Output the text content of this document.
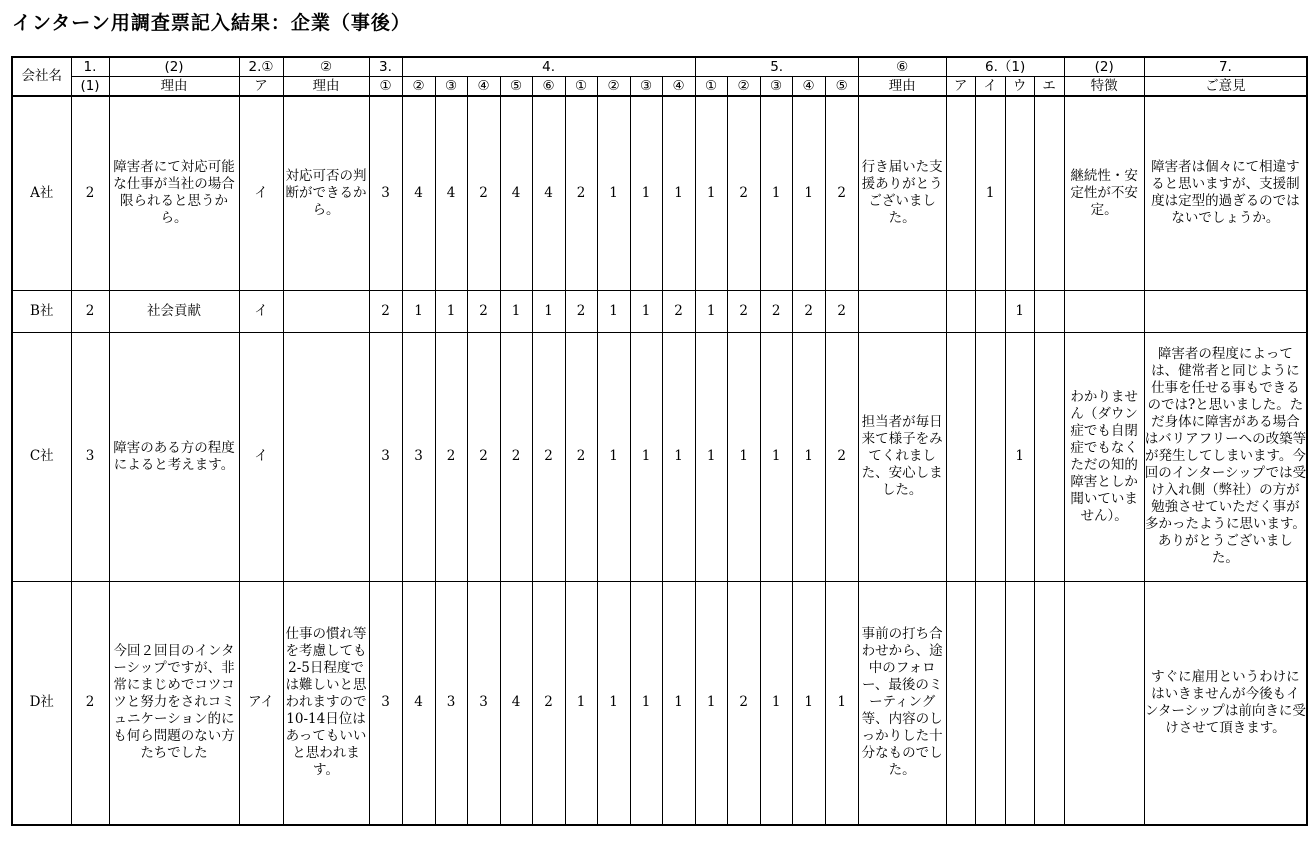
インターン用調査票記入結果：企業（事後）
会社名	1.	(2)	2.①	②	3.	4.									5.					⑥	6.（1)				(2)	7.
	(1)	理由	ア	理由	①	②	③	④	⑤	⑥	①	②	③	④	①	②	③	④	⑤	理由	ア	イ	ウ	エ	特徴	ご意見
A社	2	障害者にて対応可能な仕事が当社の場合限られると思うから。	イ	対応可否の判断ができるから。	3	4	4	2	4	4	2	1	1	1	1	2	1	1	2	行き届いた支援ありがとうございました。		1			継続性・安定性が不安定。	障害者は個々にて相違すると思いますが、支援制度は定型的過ぎるのではないでしょうか。
B社	2	社会貢献	イ		2	1	1	2	1	1	2	1	1	2	1	2	2	2	2				1			
C社	3	障害のある方の程度によると考えます。	イ		3	3	2	2	2	2	2	1	1	1	1	1	1	1	2	担当者が毎日来て様子をみてくれました、安心しました。			1		わかりません（ダウン症でも自閉症でもなくただの知的障害としか聞いていません）。	障害者の程度によっては、健常者と同じように仕事を任せる事もできるのでは?と思いました。ただ身体に障害がある場合はバリアフリーへの改築等が発生してしまいます。今回のインターシップでは受け入れ側（弊社）の方が勉強させていただく事が多かったように思います。ありがとうございました。
D社	2	今回２回目のインターシップですが、非常にまじめでコツコツと努力をされコミュニケーション的にも何ら問題のない方たちでした	アイ	仕事の慣れ等を考慮しても2-5日程度では難しいと思われますので10-14日位はあってもいいと思われます。	3	4	3	3	4	2	1	1	1	1	1	2	1	1	1	事前の打ち合わせから、途中のフォロー、最後のミーティング等、内容のしっかりした十分なものでした。						すぐに雇用というわけにはいきませんが今後もインターシップは前向きに受けさせて頂きます。
